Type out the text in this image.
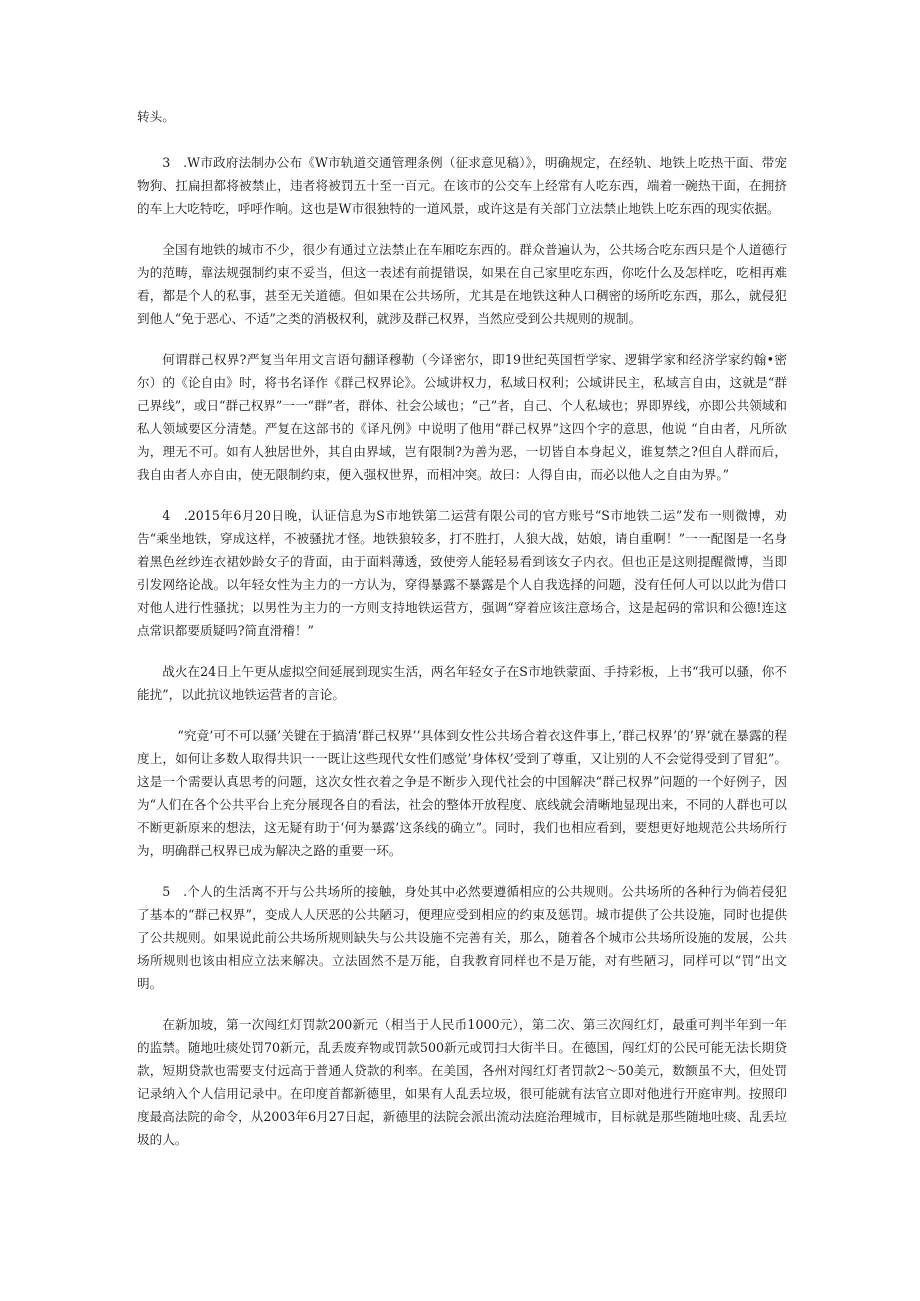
转头。

3　.W市政府法制办公布《W市轨道交通管理条例（征求意见稿）》，明确规定，在经轨、地铁上吃热干面、带宠物狗、扛扁担都将被禁止，违者将被罚五十至一百元。在该市的公交车上经常有人吃东西，端着一碗热干面，在拥挤的车上大吃特吃，呼呼作响。这也是W市很独特的一道风景，或许这是有关部门立法禁止地铁上吃东西的现实依据。

全国有地铁的城市不少，很少有通过立法禁止在车厢吃东西的。群众普遍认为，公共场合吃东西只是个人道德行为的范畴，靠法规强制约束不妥当，但这一表述有前提错误，如果在自己家里吃东西，你吃什么及怎样吃，吃相再难看，都是个人的私事，甚至无关道德。但如果在公共场所，尤其是在地铁这种人口稠密的场所吃东西，那么，就侵犯到他人“免于恶心、不适”之类的消极权利，就涉及群己权界，当然应受到公共规则的规制。

何谓群己权界?严复当年用文言语句翻译穆勒（今译密尔，即19世纪英国哲学家、逻辑学家和经济学家约翰•密尔）的《论自由》时，将书名译作《群己权界论》。公域讲权力，私域日权利；公域讲民主，私域言自由，这就是“群己界线”，或日“群己权界”一一“群”者，群体、社会公域也；“己”者，自己、个人私域也；界即界线，亦即公共领域和私人领域要区分清楚。严复在这部书的《译凡例》中说明了他用“群己权界”这四个字的意思，他说 “自由者，凡所欲为，理无不可。如有人独居世外，其自由界域，岂有限制?为善为恶，一切皆自本身起义，谁复禁之?但自人群而后，我自由者人亦自由，使无限制约束，便入强权世界，而相冲突。故曰：人得自由，而必以他人之自由为界。”

4　.2015年6月20日晚，认证信息为S市地铁第二运营有限公司的官方账号“S市地铁二运”发布一则微博，劝告“乘坐地铁，穿成这样，不被骚扰才怪。地铁狼较多，打不胜打，人狼大战，姑娘，请自重啊！”一一配图是一名身着黑色丝纱连衣裙妙龄女子的背面，由于面料薄透，致使旁人能轻易看到该女子内衣。但也正是这则提醒微博，当即引发网络论战。以年轻女性为主力的一方认为，穿得暴露不暴露是个人自我选择的问题，没有任何人可以以此为借口对他人进行性骚扰；以男性为主力的一方则支持地铁运营方，强调“穿着应该注意场合，这是起码的常识和公德!连这点常识都要质疑吗?简直滑稽！”

战火在24日上午更从虚拟空间延展到现实生活，两名年轻女子在S市地铁蒙面、手持彩板，上书“我可以骚，你不能扰”，以此抗议地铁运营者的言论。

“究竟’可不可以骚’关键在于搞清‘群己权界’’具体到女性公共场合着衣这件事上，’群己权界’的’界’就在暴露的程度上，如何让多数人取得共识一一既让这些现代女性们感觉’身体权’受到了尊重，又让别的人不会觉得受到了冒犯”。这是一个需要认真思考的问题，这次女性衣着之争是不断步入现代社会的中国解决“群己权界”问题的一个好例子，因为“人们在各个公共平台上充分展现各自的看法，社会的整体开放程度、底线就会清晰地显现出来，不同的人群也可以不断更新原来的想法，这无疑有助于‘何为暴露’这条线的确立”。同时，我们也相应看到，要想更好地规范公共场所行为，明确群己权界已成为解决之路的重要一环。

5　.个人的生活离不开与公共场所的接触，身处其中必然要遵循相应的公共规则。公共场所的各种行为倘若侵犯了基本的“群己权界”，变成人人厌恶的公共陋习，便理应受到相应的约束及惩罚。城市提供了公共设施，同时也提供了公共规则。如果说此前公共场所规则缺失与公共设施不完善有关，那么，随着各个城市公共场所设施的发展，公共场所规则也该由相应立法来解决。立法固然不是万能，自我教育同样也不是万能，对有些陋习，同样可以“罚”出文明。

在新加坡，第一次闯红灯罚款200新元（相当于人民币1000元），第二次、第三次闯红灯，最重可判半年到一年的监禁。随地吐痰处罚70新元，乱丢废弃物或罚款500新元或罚扫大街半日。在德国，闯红灯的公民可能无法长期贷款，短期贷款也需要支付远高于普通人贷款的利率。在美国，各州对闯红灯者罚款2〜50美元，数额虽不大，但处罚记录纳入个人信用记录中。在印度首都新德里，如果有人乱丢垃圾，很可能就有法官立即对他进行开庭审判。按照印度最高法院的命令，从2003年6月27日起，新德里的法院会派出流动法庭治理城市，目标就是那些随地吐痰、乱丢垃圾的人。
